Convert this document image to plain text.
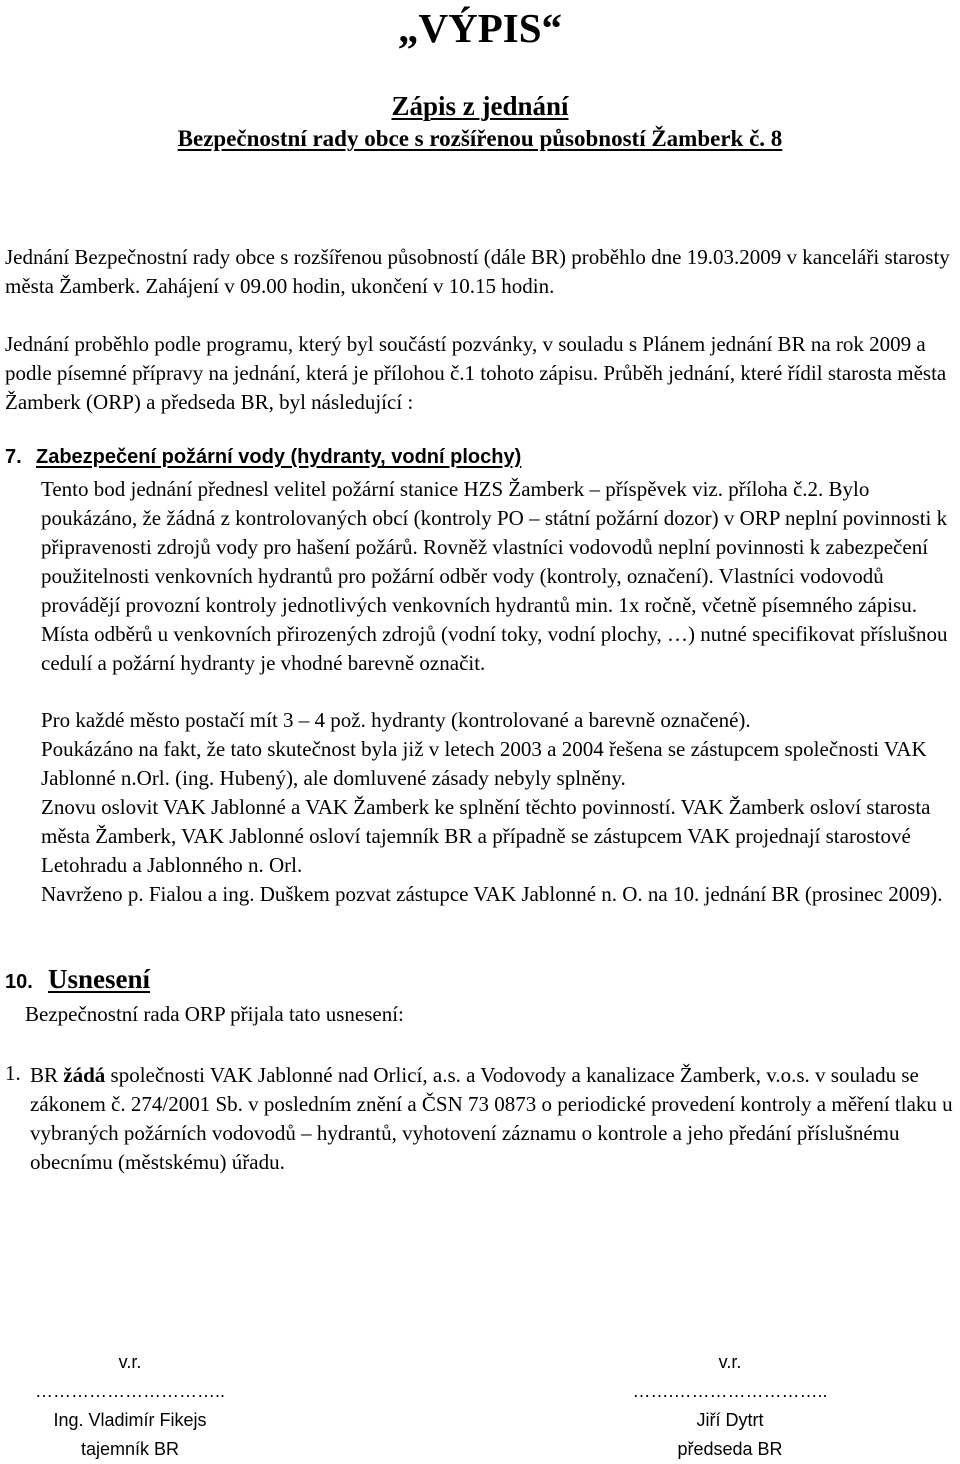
„VÝPIS“
Zápis z jednání
Bezpečnostní rady obce s rozšířenou působností Žamberk č. 8
Jednání Bezpečnostní rady obce s rozšířenou působností (dále BR) proběhlo dne 19.03.2009 v kanceláři starosty města Žamberk. Zahájení v 09.00 hodin, ukončení v 10.15 hodin.
Jednání proběhlo podle programu, který byl součástí pozvánky, v souladu s Plánem jednání BR na rok 2009 a podle písemné přípravy na jednání, která je přílohou č.1 tohoto zápisu. Průběh jednání, které řídil starosta města Žamberk (ORP) a předseda BR, byl následující :
7. Zabezpečení požární vody (hydranty, vodní plochy)
Tento bod jednání přednesl velitel požární stanice HZS Žamberk – příspěvek viz. příloha č.2. Bylo poukázáno, že žádná z kontrolovaných obcí (kontroly PO – státní požární dozor) v ORP neplní povinnosti k připravenosti zdrojů vody pro hašení požárů. Rovněž vlastníci vodovodů neplní povinnosti k zabezpečení použitelnosti venkovních hydrantů pro požární odběr vody (kontroly, označení). Vlastníci vodovodů provádějí provozní kontroly jednotlivých venkovních hydrantů min. 1x ročně, včetně písemného zápisu. Místa odběrů u venkovních přirozených zdrojů (vodní toky, vodní plochy, …) nutné specifikovat příslušnou cedulí a požární hydranty je vhodné barevně označit.
Pro každé město postačí mít 3 – 4 pož. hydranty (kontrolované a barevně označené).
Poukázáno na fakt, že tato skutečnost byla již v letech 2003 a 2004 řešena se zástupcem společnosti VAK Jablonné n.Orl. (ing. Hubený), ale domluvené zásady nebyly splněny.
Znovu oslovit VAK Jablonné a VAK Žamberk ke splnění těchto povinností. VAK Žamberk osloví starosta města Žamberk, VAK Jablonné osloví tajemník BR a případně se zástupcem VAK projednají starostové Letohradu a Jablonného n. Orl.
Navrženo p. Fialou a ing. Duškem pozvat zástupce VAK Jablonné n. O. na 10. jednání BR (prosinec 2009).
10. Usnesení
Bezpečnostní rada ORP přijala tato usnesení:
1. BR žádá společnosti VAK Jablonné nad Orlicí, a.s. a Vodovody a kanalizace Žamberk, v.o.s. v souladu se zákonem č. 274/2001 Sb. v posledním znění a ČSN 73 0873 o periodické provedení kontroly a měření tlaku u vybraných požárních vodovodů – hydrantů, vyhotovení záznamu o kontrole a jeho předání příslušnému obecnímu (městskému) úřadu.
v.r.
…………………………..
Ing. Vladimír Fikejs
tajemník BR
v.r.
…….……………………..
Jiří Dytrt
předseda BR
